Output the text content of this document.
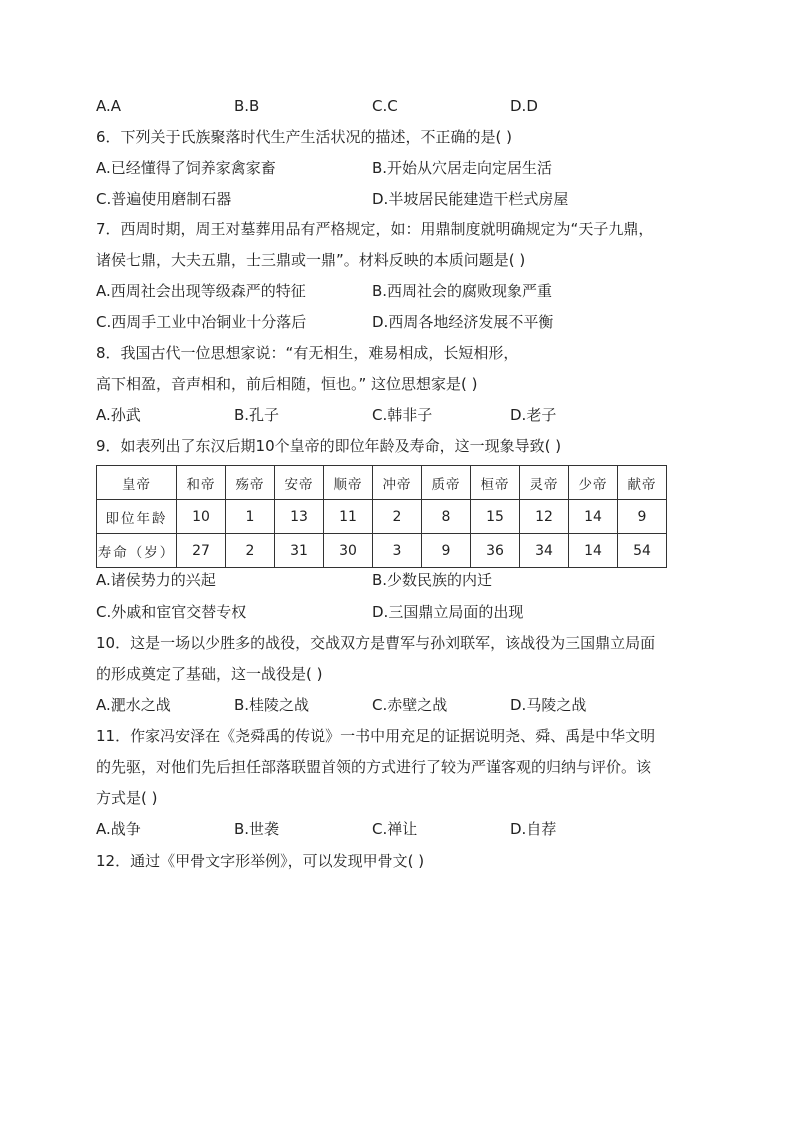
A.A	B.B	C.C	D.D
6．下列关于氏族聚落时代生产生活状况的描述，不正确的是( )
A.已经懂得了饲养家禽家畜	B.开始从穴居走向定居生活
C.普遍使用磨制石器	D.半坡居民能建造干栏式房屋
7．西周时期，周王对墓葬用品有严格规定，如：用鼎制度就明确规定为“天子九鼎，
诸侯七鼎，大夫五鼎，士三鼎或一鼎”。材料反映的本质问题是( )
A.西周社会出现等级森严的特征	B.西周社会的腐败现象严重
C.西周手工业中冶铜业十分落后	D.西周各地经济发展不平衡
8．我国古代一位思想家说：“有无相生，难易相成，长短相形，
高下相盈，音声相和，前后相随，恒也。” 这位思想家是( )
A.孙武	B.孔子	C.韩非子	D.老子
9．如表列出了东汉后期10个皇帝的即位年龄及寿命，这一现象导致( )
皇帝	和帝	殇帝	安帝	顺帝	冲帝	质帝	桓帝	灵帝	少帝	献帝
即位年龄	10	1	13	11	2	8	15	12	14	9
寿命（岁）	27	2	31	30	3	9	36	34	14	54
A.诸侯势力的兴起	B.少数民族的内迁
C.外戚和宦官交替专权	D.三国鼎立局面的出现
10．这是一场以少胜多的战役，交战双方是曹军与孙刘联军，该战役为三国鼎立局面
的形成奠定了基础，这一战役是( )
A.淝水之战	B.桂陵之战	C.赤壁之战	D.马陵之战
11．作家冯安泽在《尧舜禹的传说》一书中用充足的证据说明尧、舜、禹是中华文明
的先驱，对他们先后担任部落联盟首领的方式进行了较为严谨客观的归纳与评价。该
方式是( )
A.战争	B.世袭	C.禅让	D.自荐
12．通过《甲骨文字形举例》，可以发现甲骨文( )
